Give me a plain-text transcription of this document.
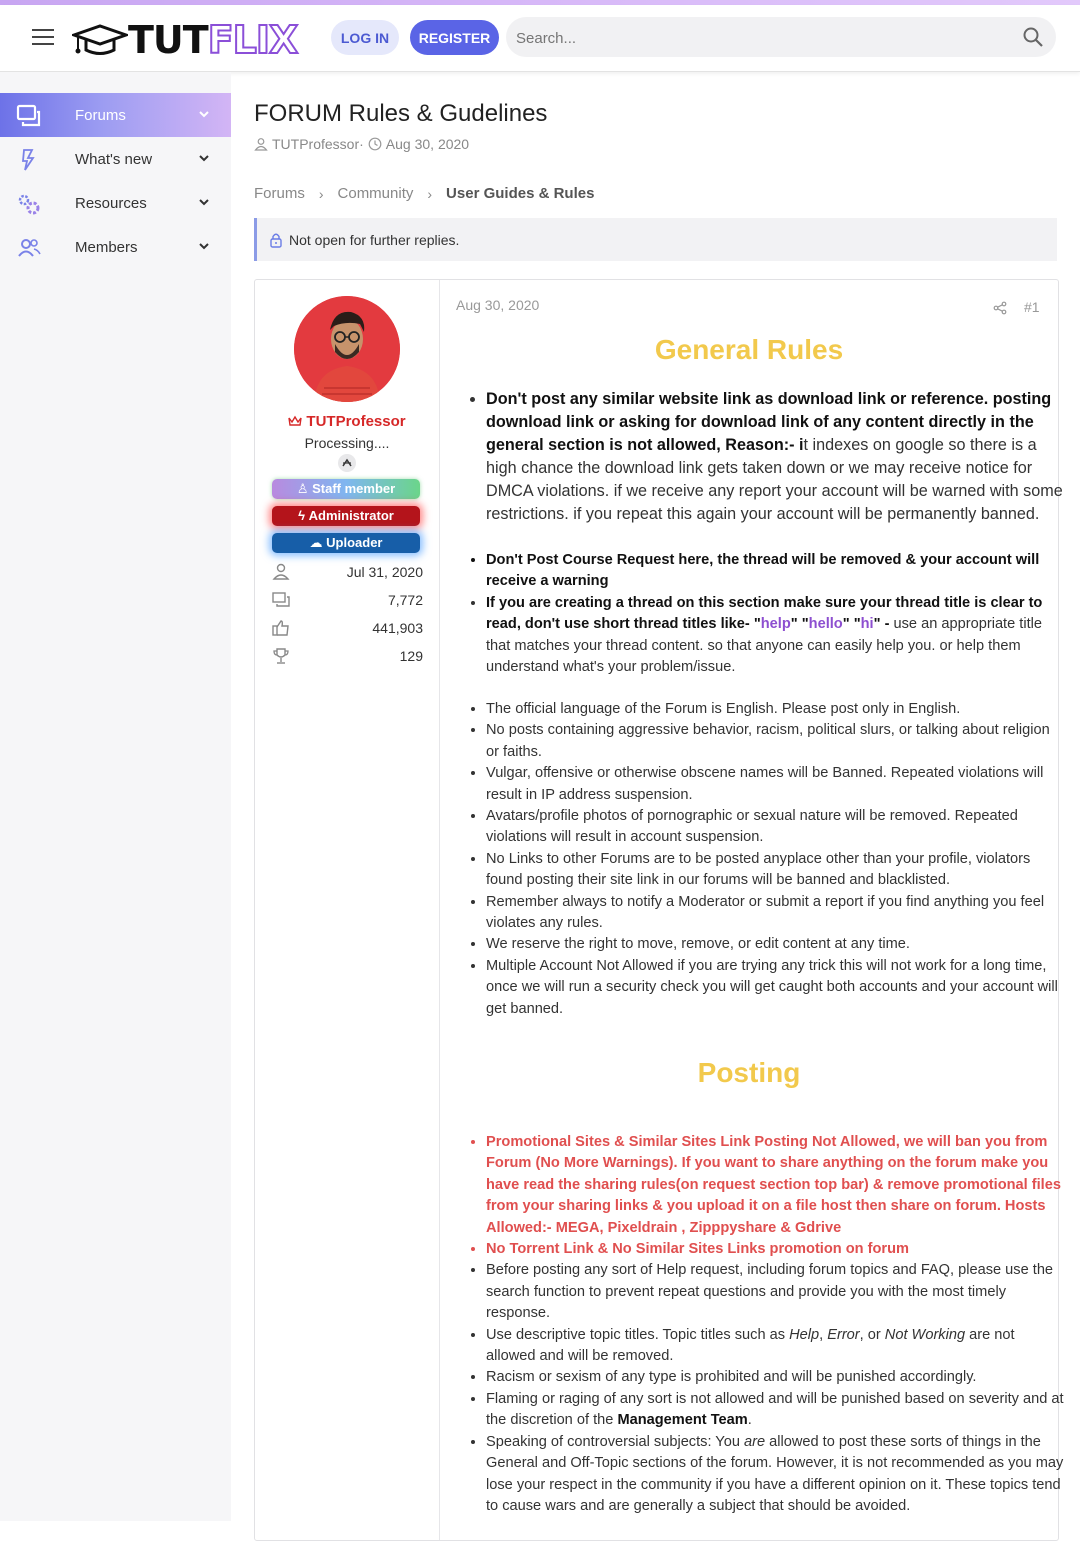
TUT FLIX	LOG IN	REGISTER
Search...
Forums
What's new
Resources
Members
FORUM Rules & Gudelines
TUTProfessor· Aug 30, 2020
Forums › Community › User Guides & Rules
Not open for further replies.
TUTProfessor
Processing....
♙ Staff member
ϟ Administrator
☁ Uploader
Jul 31, 2020
7,772
441,903
129
Aug 30, 2020	#1
General Rules
• Don't post any similar website link as download link or reference. posting download link or asking for download link of any content directly in the general section is not allowed, Reason:- it indexes on google so there is a high chance the download link gets taken down or we may receive notice for DMCA violations. if we receive any report your account will be warned with some restrictions. if you repeat this again your account will be permanently banned.
• Don't Post Course Request here, the thread will be removed & your account will receive a warning
• If you are creating a thread on this section make sure your thread title is clear to read, don't use short thread titles like- "help" "hello" "hi" - use an appropriate title that matches your thread content. so that anyone can easily help you. or help them understand what's your problem/issue.
• The official language of the Forum is English. Please post only in English.
• No posts containing aggressive behavior, racism, political slurs, or talking about religion or faiths.
• Vulgar, offensive or otherwise obscene names will be Banned. Repeated violations will result in IP address suspension.
• Avatars/profile photos of pornographic or sexual nature will be removed. Repeated violations will result in account suspension.
• No Links to other Forums are to be posted anyplace other than your profile, violators found posting their site link in our forums will be banned and blacklisted.
• Remember always to notify a Moderator or submit a report if you find anything you feel violates any rules.
• We reserve the right to move, remove, or edit content at any time.
• Multiple Account Not Allowed if you are trying any trick this will not work for a long time, once we will run a security check you will get caught both accounts and your account will get banned.
Posting
• Promotional Sites & Similar Sites Link Posting Not Allowed, we will ban you from Forum (No More Warnings). If you want to share anything on the forum make you have read the sharing rules(on request section top bar) & remove promotional files from your sharing links & you upload it on a file host then share on forum. Hosts Allowed:- MEGA, Pixeldrain , Zipppyshare & Gdrive
• No Torrent Link & No Similar Sites Links promotion on forum
• Before posting any sort of Help request, including forum topics and FAQ, please use the search function to prevent repeat questions and provide you with the most timely response.
• Use descriptive topic titles. Topic titles such as Help, Error, or Not Working are not allowed and will be removed.
• Racism or sexism of any type is prohibited and will be punished accordingly.
• Flaming or raging of any sort is not allowed and will be punished based on severity and at the discretion of the Management Team.
• Speaking of controversial subjects: You are allowed to post these sorts of things in the General and Off-Topic sections of the forum. However, it is not recommended as you may lose your respect in the community if you have a different opinion on it. These topics tend to cause wars and are generally a subject that should be avoided.
